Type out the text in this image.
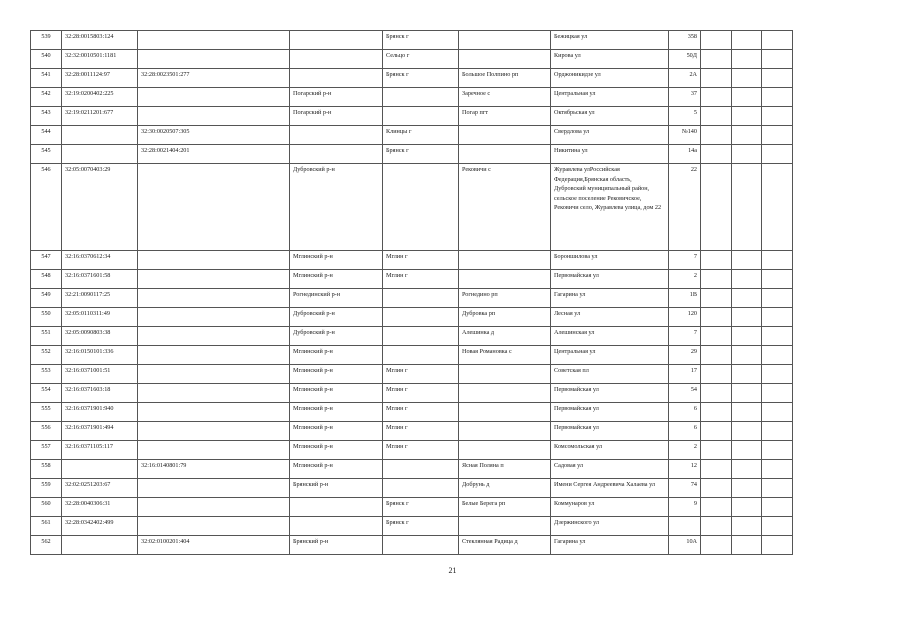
539	32:28:0015803:124			Брянск г		Бежицкая ул	358			
540	32:32:0010501:1181			Сельцо г		Кирова ул	50Д			
541	32:28:0011124:97	32:28:0023501:277		Брянск г	Большое Полпино рп	Орджоникидзе ул	2А			
542	32:19:0200402:225		Погарский р-н		Заречное с	Центральная ул	37			
543	32:19:0211201:677		Погарский р-н		Погар пгт	Октябрьская ул	5			
544		32:30:0020507:305		Клинцы г		Свердлова ул	№140			
545		32:28:0021404:201		Брянск г		Никитина ул	14а			
546	32:05:0070403:29		Дубровский р-н		Рековичи с	Журавлева улРоссийская Федерация,Брянская область, Дубровский муниципальный район, сельское поселение Рековичское, Рековичи село, Журавлева улица, дом 22	22			
547	32:16:0370612:34		Мглинский р-н	Мглин г		Бороншилова ул	7			
548	32:16:0371601:58		Мглинский р-н	Мглин г		Первомайская ул	2			
549	32:21:0090117:25		Рогнединский р-н		Рогнедино рп	Гагарина ул	1В			
550	32:05:0110311:49		Дубровский р-н		Дубровка рп	Лесная ул	120			
551	32:05:0090803:38		Дубровский р-н		Алешинка д	Алешинская ул	7			
552	32:16:0150101:336		Мглинский р-н		Новая Романовка с	Центральная ул	29			
553	32:16:0371001:51		Мглинский р-н	Мглин г		Советская пл	17			
554	32:16:0371603:18		Мглинский р-н	Мглин г		Первомайская ул	54			
555	32:16:0371901:940		Мглинский р-н	Мглин г		Первомайская ул	6			
556	32:16:0371901:494		Мглинский р-н	Мглин г		Первомайская ул	6			
557	32:16:0371105:117		Мглинский р-н	Мглин г		Комсомольская ул	2			
558		32:16:0140801:79	Мглинский р-н		Ясная Поляна п	Садовая ул	12			
559	32:02:0251203:67		Брянский р-н		Добрунь д	Имени Сергея Андреевича Халаева ул	74			
560	32:28:0040306:31			Брянск г	Белые Берега рп	Коммунаров ул	9			
561	32:28:0342402:499			Брянск г		Дзержинского ул				
562		32:02:0100201:404	Брянский р-н		Стеклянная Радица д	Гагарина ул	10А			
21
